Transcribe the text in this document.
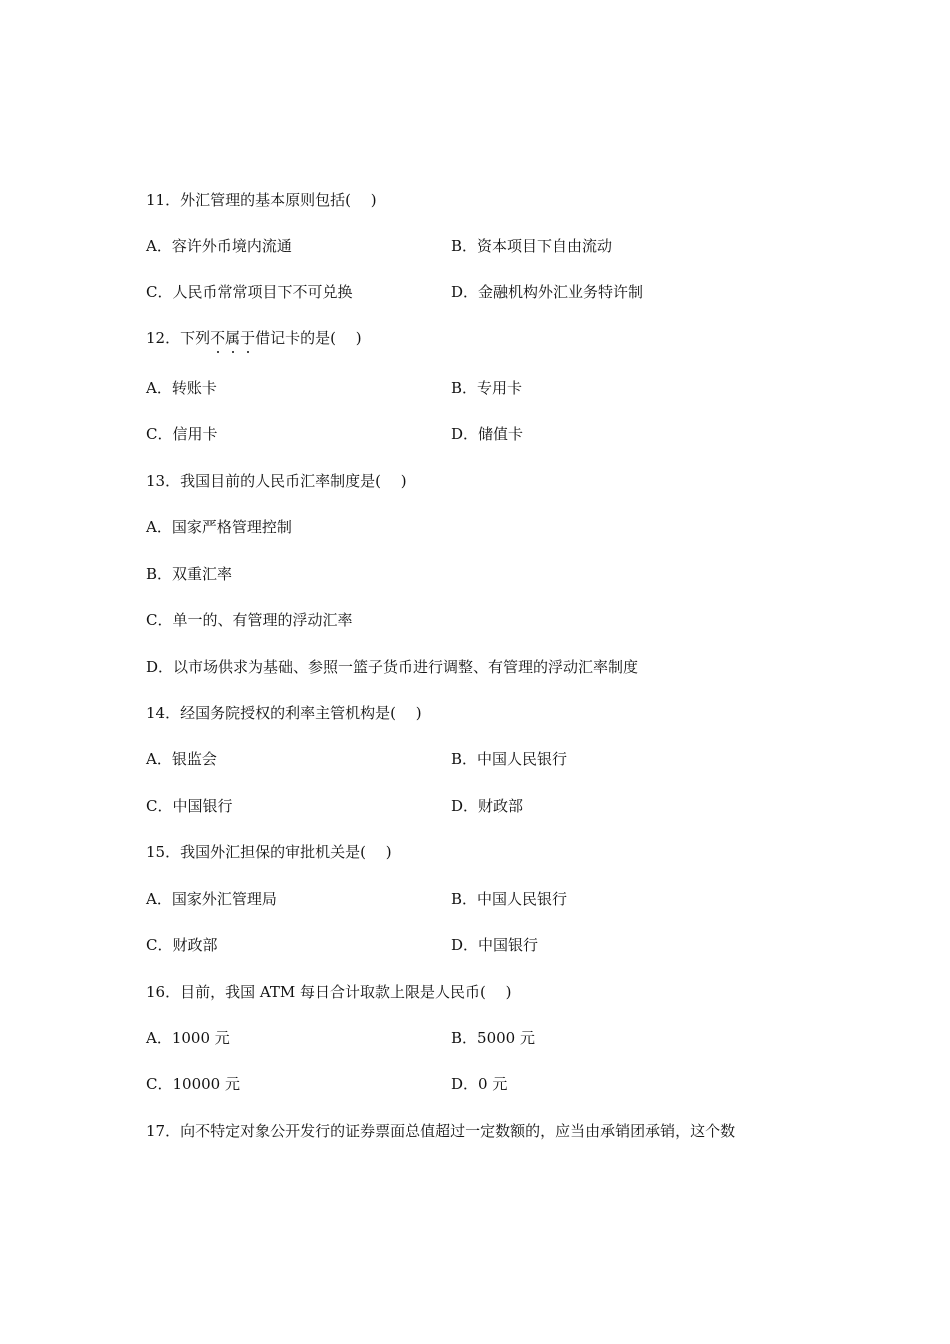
11．外汇管理的基本原则包括(　 )
A．容许外币境内流通	B．资本项目下自由流动
C．人民币常常项目下不可兑换	D．金融机构外汇业务特许制
12．下列不属于借记卡的是(　 )
A．转账卡	B．专用卡
C．信用卡	D．储值卡
13．我国目前的人民币汇率制度是(　 )
A．国家严格管理控制
B．双重汇率
C．单一的、有管理的浮动汇率
D．以市场供求为基础、参照一篮子货币进行调整、有管理的浮动汇率制度
14．经国务院授权的利率主管机构是(　 )
A．银监会	B．中国人民银行
C．中国银行	D．财政部
15．我国外汇担保的审批机关是(　 )
A．国家外汇管理局	B．中国人民银行
C．财政部	D．中国银行
16．目前，我国 ATM 每日合计取款上限是人民币(　 )
A．1000 元	B．5000 元
C．10000 元	D．0 元
17．向不特定对象公开发行的证券票面总值超过一定数额的，应当由承销团承销，这个数
